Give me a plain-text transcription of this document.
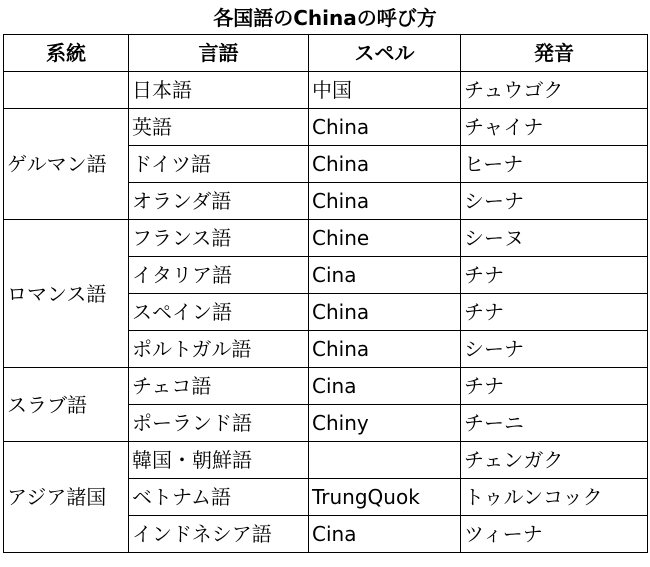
各国語のChinaの呼び方
系統	言語	スペル	発音
	日本語	中国	チュウゴク
ゲルマン語	英語	China	チャイナ
	ドイツ語	China	ヒーナ
	オランダ語	China	シーナ
ロマンス語	フランス語	Chine	シーヌ
	イタリア語	Cina	チナ
	スペイン語	China	チナ
	ポルトガル語	China	シーナ
スラブ語	チェコ語	Cina	チナ
	ポーランド語	Chiny	チーニ
アジア諸国	韓国・朝鮮語		チェンガク
	ベトナム語	TrungQuok	トゥルンコック
	インドネシア語	Cina	ツィーナ
